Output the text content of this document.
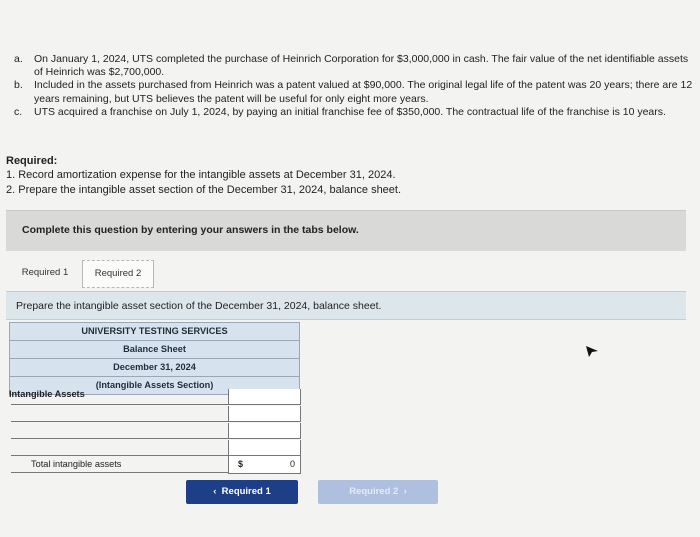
a.	On January 1, 2024, UTS completed the purchase of Heinrich Corporation for $3,000,000 in cash. The fair value of the net identifiable assets of Heinrich was $2,700,000.
b.	Included in the assets purchased from Heinrich was a patent valued at $90,000. The original legal life of the patent was 20 years; there are 12 years remaining, but UTS believes the patent will be useful for only eight more years.
c.	UTS acquired a franchise on July 1, 2024, by paying an initial franchise fee of $350,000. The contractual life of the franchise is 10 years.
Required:
1. Record amortization expense for the intangible assets at December 31, 2024.
2. Prepare the intangible asset section of the December 31, 2024, balance sheet.
Complete this question by entering your answers in the tabs below.
Required 1	Required 2
Prepare the intangible asset section of the December 31, 2024, balance sheet.
UNIVERSITY TESTING SERVICES
Balance Sheet
December 31, 2024
(Intangible Assets Section)
Intangible Assets
Total intangible assets	$	0
‹ Required 1	Required 2 ›
